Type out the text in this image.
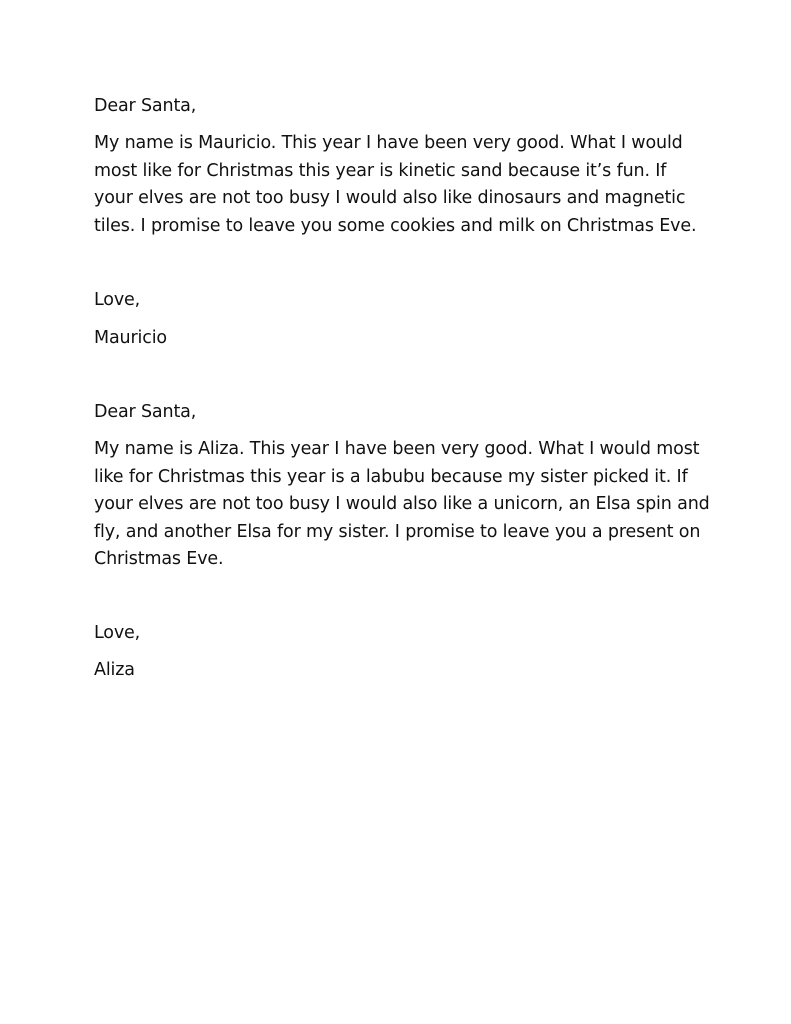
Dear Santa,

My name is Mauricio. This year I have been very good. What I would
most like for Christmas this year is kinetic sand because it’s fun. If
your elves are not too busy I would also like dinosaurs and magnetic
tiles. I promise to leave you some cookies and milk on Christmas Eve.

Love,

Mauricio

Dear Santa,

My name is Aliza. This year I have been very good. What I would most
like for Christmas this year is a labubu because my sister picked it. If
your elves are not too busy I would also like a unicorn, an Elsa spin and
fly, and another Elsa for my sister. I promise to leave you a present on
Christmas Eve.

Love,

Aliza
